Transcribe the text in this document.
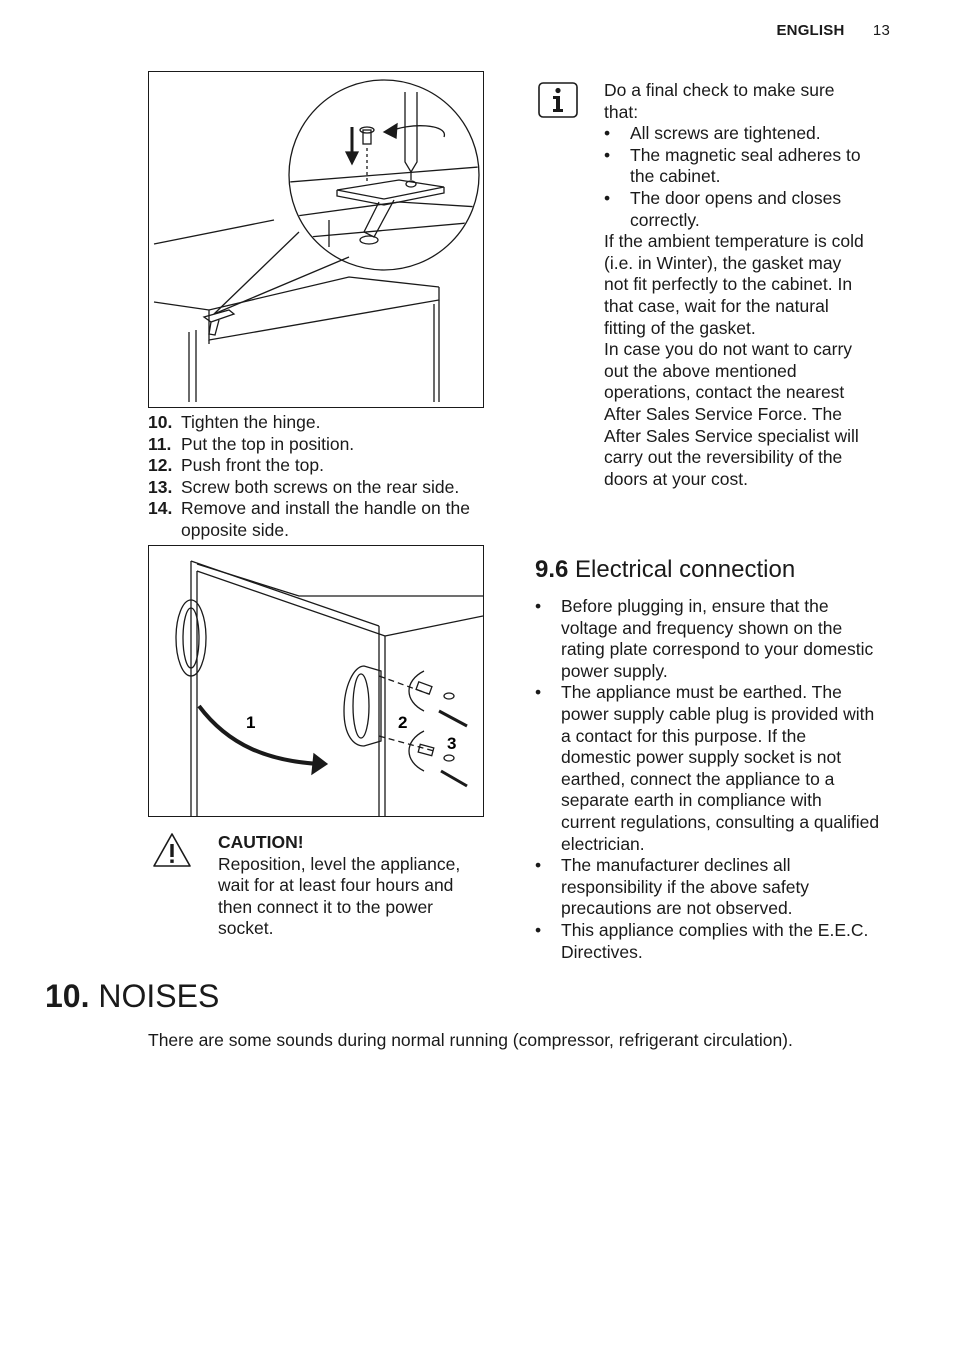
ENGLISH 13
10. Tighten the hinge.
11. Put the top in position.
12. Push front the top.
13. Screw both screws on the rear side.
14. Remove and install the handle on the opposite side.
1	2
3
CAUTION!
Reposition, level the appliance, wait for at least four hours and then connect it to the power socket.
Do a final check to make sure that:
•	All screws are tightened.
•	The magnetic seal adheres to the cabinet.
•	The door opens and closes correctly.
If the ambient temperature is cold (i.e. in Winter), the gasket may not fit perfectly to the cabinet. In that case, wait for the natural fitting of the gasket.
In case you do not want to carry out the above mentioned operations, contact the nearest After Sales Service Force. The After Sales Service specialist will carry out the reversibility of the doors at your cost.
9.6 Electrical connection
•	Before plugging in, ensure that the voltage and frequency shown on the rating plate correspond to your domestic power supply.
•	The appliance must be earthed. The power supply cable plug is provided with a contact for this purpose. If the domestic power supply socket is not earthed, connect the appliance to a separate earth in compliance with current regulations, consulting a qualified electrician.
•	The manufacturer declines all responsibility if the above safety precautions are not observed.
•	This appliance complies with the E.E.C. Directives.
10. NOISES
There are some sounds during normal running (compressor, refrigerant circulation).
